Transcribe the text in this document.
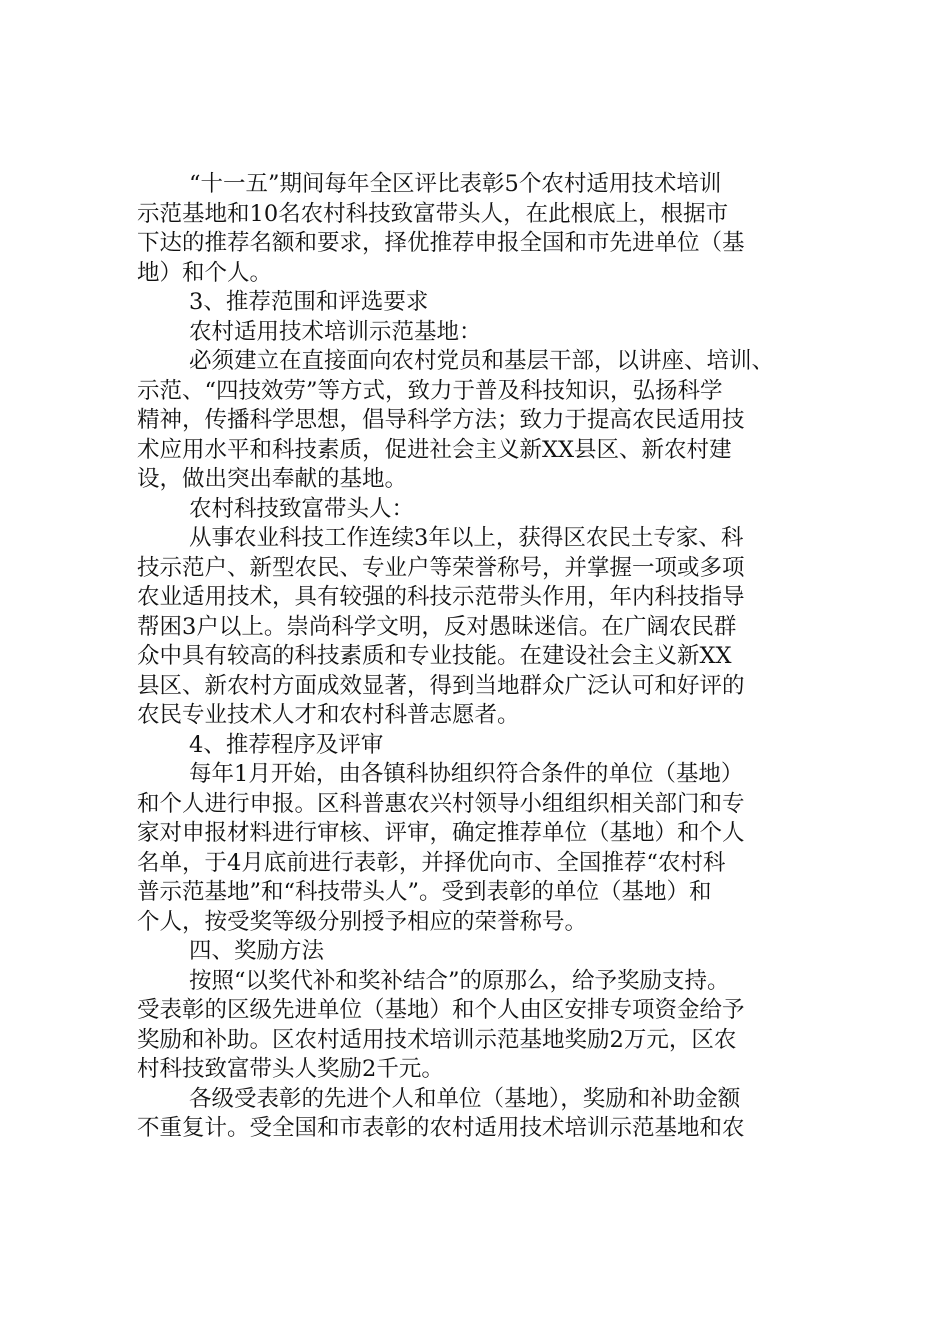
“十一五”期间每年全区评比表彰5个农村适用技术培训
示范基地和10名农村科技致富带头人，在此根底上，根据市
下达的推荐名额和要求，择优推荐申报全国和市先进单位（基
地）和个人。
3、推荐范围和评选要求
农村适用技术培训示范基地：
必须建立在直接面向农村党员和基层干部，以讲座、培训、
示范、“四技效劳”等方式，致力于普及科技知识，弘扬科学
精神，传播科学思想，倡导科学方法；致力于提高农民适用技
术应用水平和科技素质，促进社会主义新XX县区、新农村建
设，做出突出奉献的基地。
农村科技致富带头人：
从事农业科技工作连续3年以上，获得区农民土专家、科
技示范户、新型农民、专业户等荣誉称号，并掌握一项或多项
农业适用技术，具有较强的科技示范带头作用，年内科技指导
帮困3户以上。崇尚科学文明，反对愚昧迷信。在广阔农民群
众中具有较高的科技素质和专业技能。在建设社会主义新XX
县区、新农村方面成效显著，得到当地群众广泛认可和好评的
农民专业技术人才和农村科普志愿者。
4、推荐程序及评审
每年1月开始，由各镇科协组织符合条件的单位（基地）
和个人进行申报。区科普惠农兴村领导小组组织相关部门和专
家对申报材料进行审核、评审，确定推荐单位（基地）和个人
名单，于4月底前进行表彰，并择优向市、全国推荐“农村科
普示范基地”和“科技带头人”。受到表彰的单位（基地）和
个人，按受奖等级分别授予相应的荣誉称号。
四、奖励方法
按照“以奖代补和奖补结合”的原那么，给予奖励支持。
受表彰的区级先进单位（基地）和个人由区安排专项资金给予
奖励和补助。区农村适用技术培训示范基地奖励2万元，区农
村科技致富带头人奖励2千元。
各级受表彰的先进个人和单位（基地），奖励和补助金额
不重复计。受全国和市表彰的农村适用技术培训示范基地和农
